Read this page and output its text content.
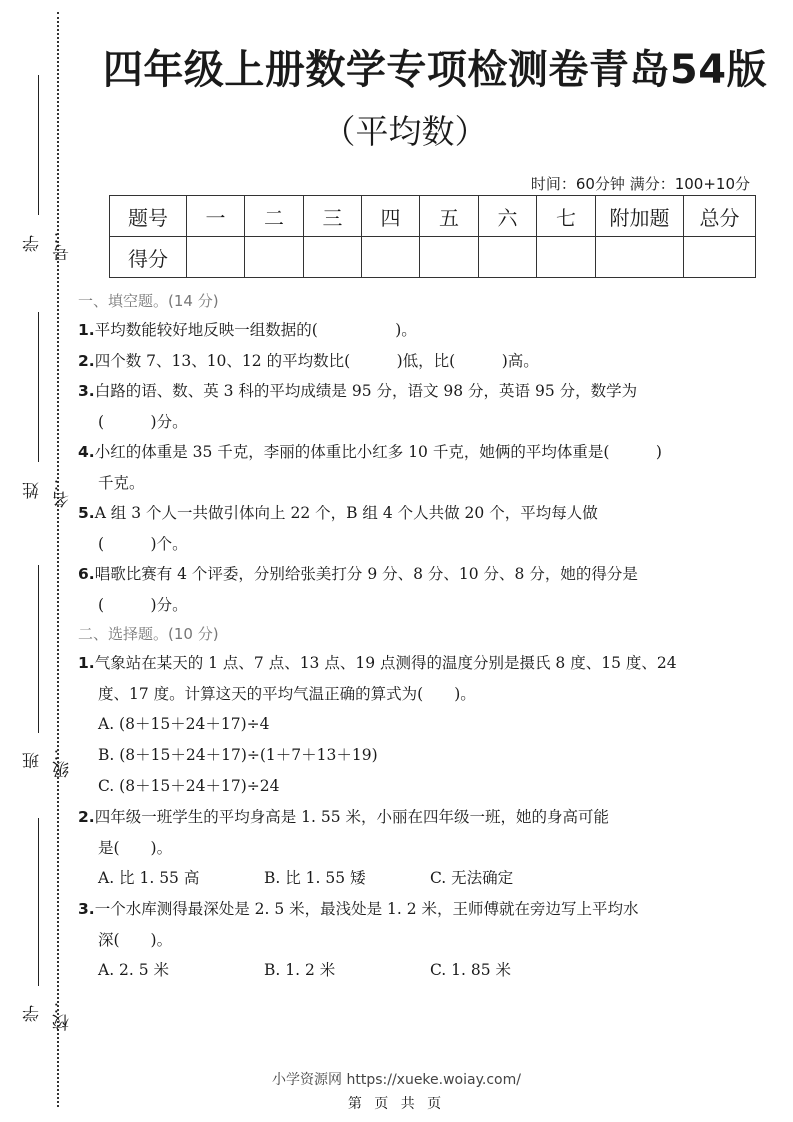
学号：
姓名：
班级：
学校：
四年级上册数学专项检测卷青岛54版
（平均数）
时间：60分钟 满分：100+10分
题号	一	二	三	四	五	六	七	附加题	总分
得分									
一、填空题。(14 分)
1.平均数能较好地反映一组数据的(　　　　　)。
2.四个数 7、13、10、12 的平均数比(　　　)低，比(　　　)高。
3.白路的语、数、英 3 科的平均成绩是 95 分，语文 98 分，英语 95 分，数学为
(　　　)分。
4.小红的体重是 35 千克，李丽的体重比小红多 10 千克，她俩的平均体重是(　　　)
千克。
5.A 组 3 个人一共做引体向上 22 个，B 组 4 个人共做 20 个，平均每人做
(　　　)个。
6.唱歌比赛有 4 个评委，分别给张美打分 9 分、8 分、10 分、8 分，她的得分是
(　　　)分。
二、选择题。(10 分)
1.气象站在某天的 1 点、7 点、13 点、19 点测得的温度分别是摄氏 8 度、15 度、24
度、17 度。计算这天的平均气温正确的算式为(　　)。
A. (8＋15＋24＋17)÷4
B. (8＋15＋24＋17)÷(1＋7＋13＋19)
C. (8＋15＋24＋17)÷24
2.四年级一班学生的平均身高是 1. 55 米，小丽在四年级一班，她的身高可能
是(　　)。
A. 比 1. 55 高	B. 比 1. 55 矮	C. 无法确定
3.一个水库测得最深处是 2. 5 米，最浅处是 1. 2 米，王师傅就在旁边写上平均水
深(　　)。
A. 2. 5 米	B. 1. 2 米	C. 1. 85 米
小学资源网 https://xueke.woiay.com/
第 页 共 页
